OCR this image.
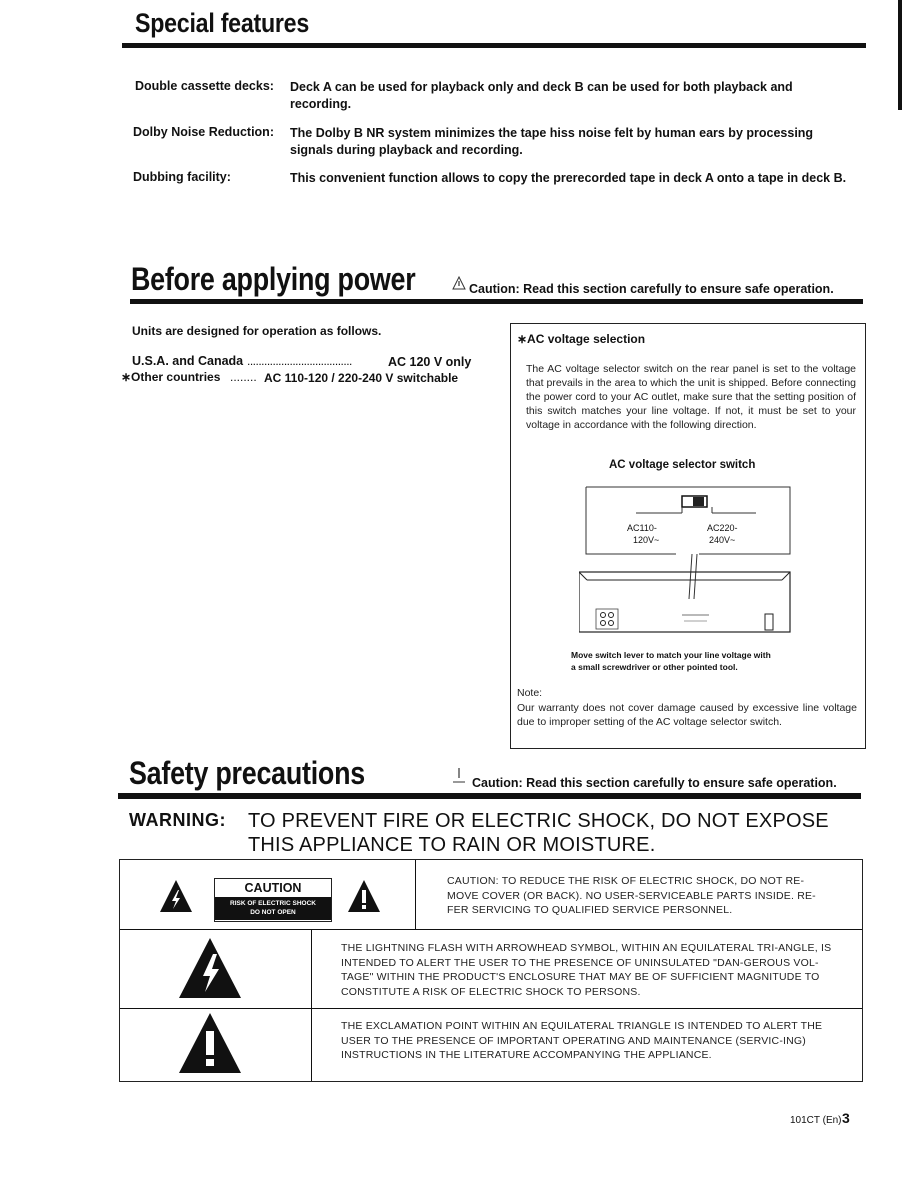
Special features
Double cassette decks: Deck A can be used for playback only and deck B can be used for both playback and recording.
Dolby Noise Reduction: The Dolby B NR system minimizes the tape hiss noise felt by human ears by processing signals during playback and recording.
Dubbing facility:	This convenient function allows to copy the prerecorded tape in deck A onto a tape in deck B.
Before applying power	Caution: Read this section carefully to ensure safe operation.
Units are designed for operation as follows.
U.S.A. and Canada .....................................	AC 120 V only
∗Other countries ........ AC 110-120 / 220-240 V switchable
∗AC voltage selection
The AC voltage selector switch on the rear panel is set to the voltage that prevails in the area to which the unit is shipped. Before connecting the power cord to your AC outlet, make sure that the setting position of this switch matches your line voltage. If not, it must be set to your voltage in accordance with the following direction.
AC voltage selector switch
AC110-
120V~
AC220-
240V~
Move switch lever to match your line voltage with
a small screwdriver or other pointed tool.
Note:
Our warranty does not cover damage caused by excessive line voltage due to improper setting of the AC voltage selector switch.
Safety precautions	Caution: Read this section carefully to ensure safe operation.
WARNING: TO PREVENT FIRE OR ELECTRIC SHOCK, DO NOT EXPOSE
THIS APPLIANCE TO RAIN OR MOISTURE.
CAUTION
RISK OF ELECTRIC SHOCK
DO NOT OPEN
CAUTION: TO REDUCE THE RISK OF ELECTRIC SHOCK, DO NOT RE-MOVE COVER (OR BACK). NO USER-SERVICEABLE PARTS INSIDE. RE-FER SERVICING TO QUALIFIED SERVICE PERSONNEL.
THE LIGHTNING FLASH WITH ARROWHEAD SYMBOL, WITHIN AN EQUILATERAL TRI-ANGLE, IS INTENDED TO ALERT THE USER TO THE PRESENCE OF UNINSULATED "DAN-GEROUS VOL-TAGE" WITHIN THE PRODUCT'S ENCLOSURE THAT MAY BE OF SUFFICIENT MAGNITUDE TO CONSTITUTE A RISK OF ELECTRIC SHOCK TO PERSONS.
THE EXCLAMATION POINT WITHIN AN EQUILATERAL TRIANGLE IS INTENDED TO ALERT THE USER TO THE PRESENCE OF IMPORTANT OPERATING AND MAINTENANCE (SERVIC-ING) INSTRUCTIONS IN THE LITERATURE ACCOMPANYING THE APPLIANCE.
101CT (En) 3
